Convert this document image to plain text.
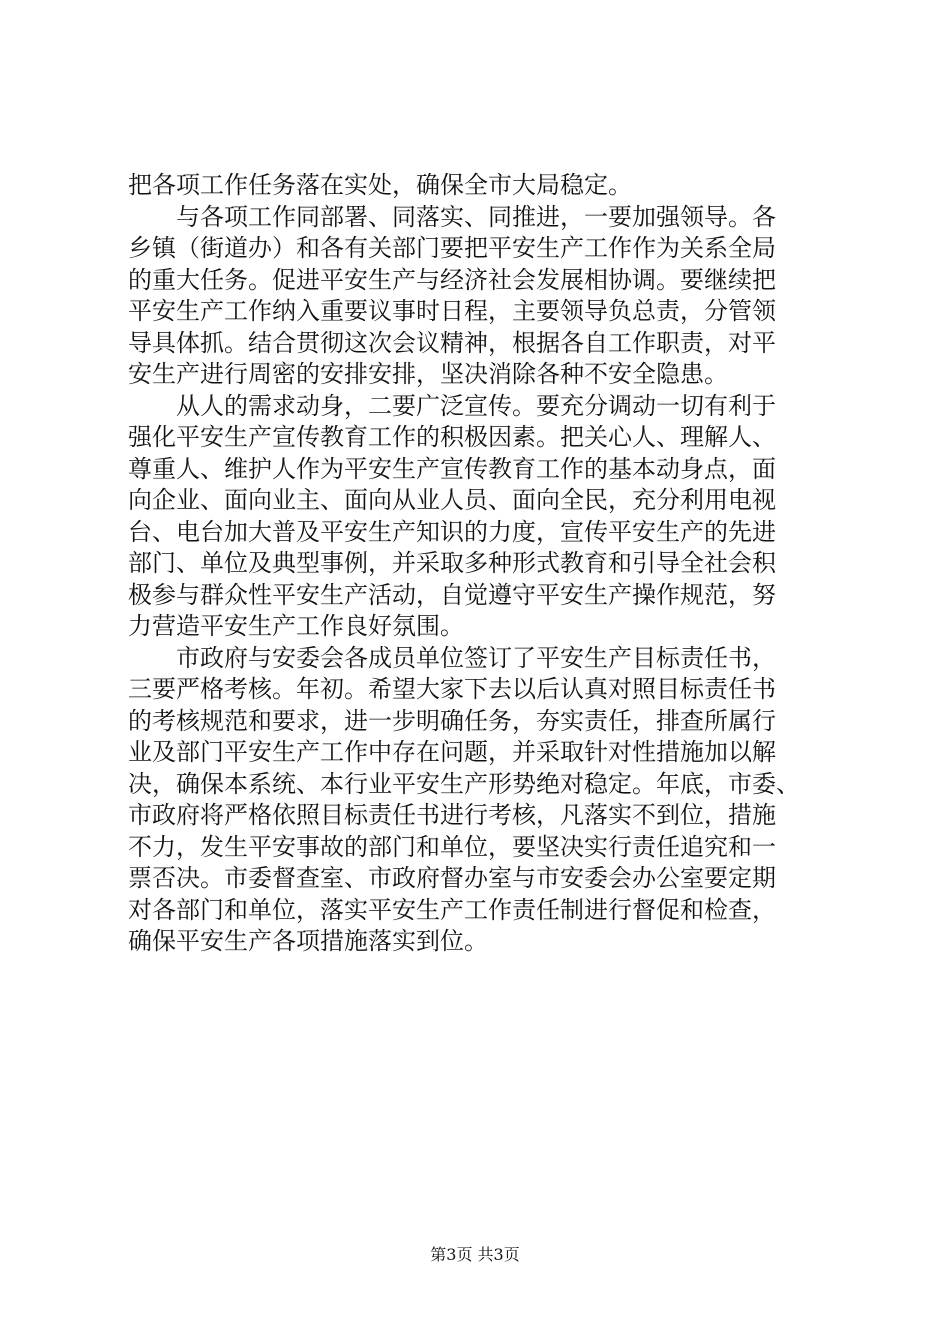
把各项工作任务落在实处，确保全市大局稳定。
　　与各项工作同部署、同落实、同推进，一要加强领导。各
乡镇（街道办）和各有关部门要把平安生产工作作为关系全局
的重大任务。促进平安生产与经济社会发展相协调。要继续把
平安生产工作纳入重要议事时日程，主要领导负总责，分管领
导具体抓。结合贯彻这次会议精神，根据各自工作职责，对平
安生产进行周密的安排安排，坚决消除各种不安全隐患。
　　从人的需求动身，二要广泛宣传。要充分调动一切有利于
强化平安生产宣传教育工作的积极因素。把关心人、理解人、
尊重人、维护人作为平安生产宣传教育工作的基本动身点，面
向企业、面向业主、面向从业人员、面向全民，充分利用电视
台、电台加大普及平安生产知识的力度，宣传平安生产的先进
部门、单位及典型事例，并采取多种形式教育和引导全社会积
极参与群众性平安生产活动，自觉遵守平安生产操作规范，努
力营造平安生产工作良好氛围。
　　市政府与安委会各成员单位签订了平安生产目标责任书，
三要严格考核。年初。希望大家下去以后认真对照目标责任书
的考核规范和要求，进一步明确任务，夯实责任，排查所属行
业及部门平安生产工作中存在问题，并采取针对性措施加以解
决，确保本系统、本行业平安生产形势绝对稳定。年底，市委、
市政府将严格依照目标责任书进行考核，凡落实不到位，措施
不力，发生平安事故的部门和单位，要坚决实行责任追究和一
票否决。市委督查室、市政府督办室与市安委会办公室要定期
对各部门和单位，落实平安生产工作责任制进行督促和检查，
确保平安生产各项措施落实到位。
第3页 共3页
